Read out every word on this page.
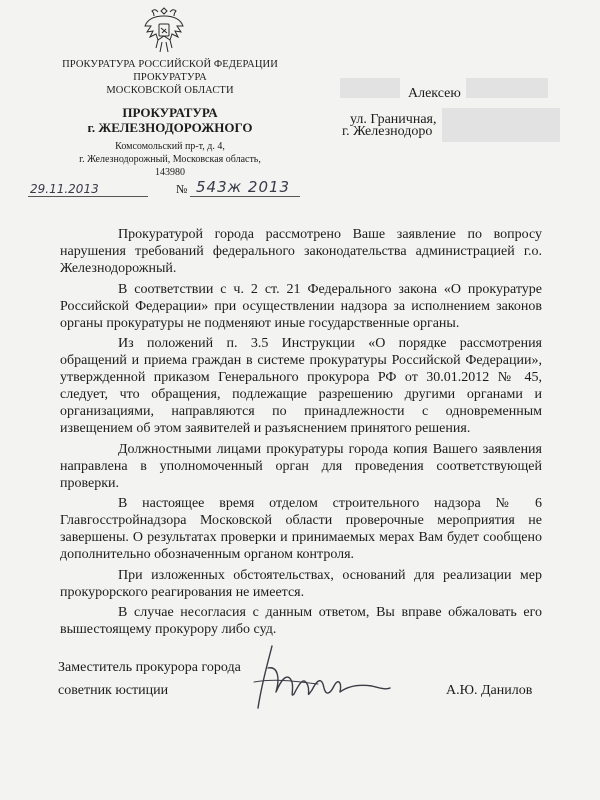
ПРОКУРАТУРА РОССИЙСКОЙ ФЕДЕРАЦИИ
ПРОКУРАТУРА
МОСКОВСКОЙ ОБЛАСТИ
ПРОКУРАТУРА
г. ЖЕЛЕЗНОДОРОЖНОГО
Комсомольский пр-т, д. 4,
г. Железнодорожный, Московская область,
143980
29.11.2013	№ 543ж 2013
Алексею
ул. Граничная,
г. Железнодоро

Прокуратурой города рассмотрено Ваше заявление по вопросу нарушения требований федерального законодательства администрацией г.о. Железнодорожный.

В соответствии с ч. 2 ст. 21 Федерального закона «О прокуратуре Российской Федерации» при осуществлении надзора за исполнением законов органы прокуратуры не подменяют иные государственные органы.

Из положений п. 3.5 Инструкции «О порядке рассмотрения обращений и приема граждан в системе прокуратуры Российской Федерации», утвержденной приказом Генерального прокурора РФ от 30.01.2012 № 45, следует, что обращения, подлежащие разрешению другими органами и организациями, направляются по принадлежности с одновременным извещением об этом заявителей и разъяснением принятого решения.

Должностными лицами прокуратуры города копия Вашего заявления направлена в уполномоченный орган для проведения соответствующей проверки.

В настоящее время отделом строительного надзора № 6 Главгосстройнадзора Московской области проверочные мероприятия не завершены. О результатах проверки и принимаемых мерах Вам будет сообщено дополнительно обозначенным органом контроля.

При изложенных обстоятельствах, оснований для реализации мер прокурорского реагирования не имеется.

В случае несогласия с данным ответом, Вы вправе обжаловать его вышестоящему прокурору либо суд.

Заместитель прокурора города
советник юстиции	А.Ю. Данилов
